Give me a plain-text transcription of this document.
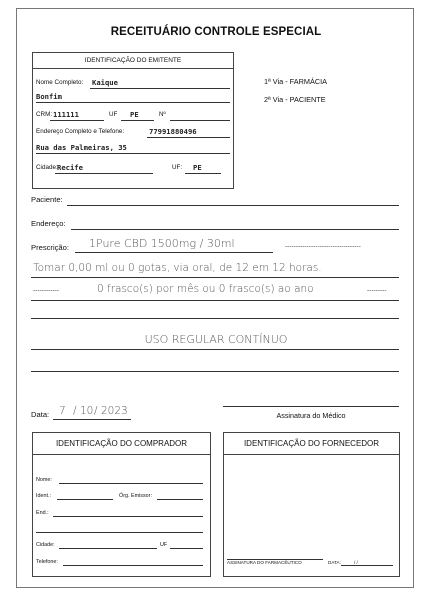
RECEITUÁRIO CONTROLE ESPECIAL
IDENTIFICAÇÃO DO EMITENTE
Nome Completo: Kaique
Bonfim
CRM: 111111	UF PE	Nº
Endereço Completo e Telefone:	77991880496
Rua das Palmeiras, 35
Cidade: Recife	UF: PE
1ª Via - FARMÁCIA
2ª Via - PACIENTE
Paciente:
Endereço:
Prescrição: 1Pure CBD 1500mg / 30ml	-----------------------------------
Tomar 0,00 ml ou 0 gotas, via oral, de 12 em 12 horas.
------------	0 frasco(s) por mês ou 0 frasco(s) ao ano	---------
USO REGULAR CONTÍNUO
Data: 7 / 10 / 2023	Assinatura do Médico
IDENTIFICAÇÃO DO COMPRADOR
Nome:
Ident.:	Órg. Emissor:
End.:
Cidade:	UF
Telefone:
IDENTIFICAÇÃO DO FORNECEDOR
ASSINATURA DO FARMACÊUTICO	DATA:	/ /
